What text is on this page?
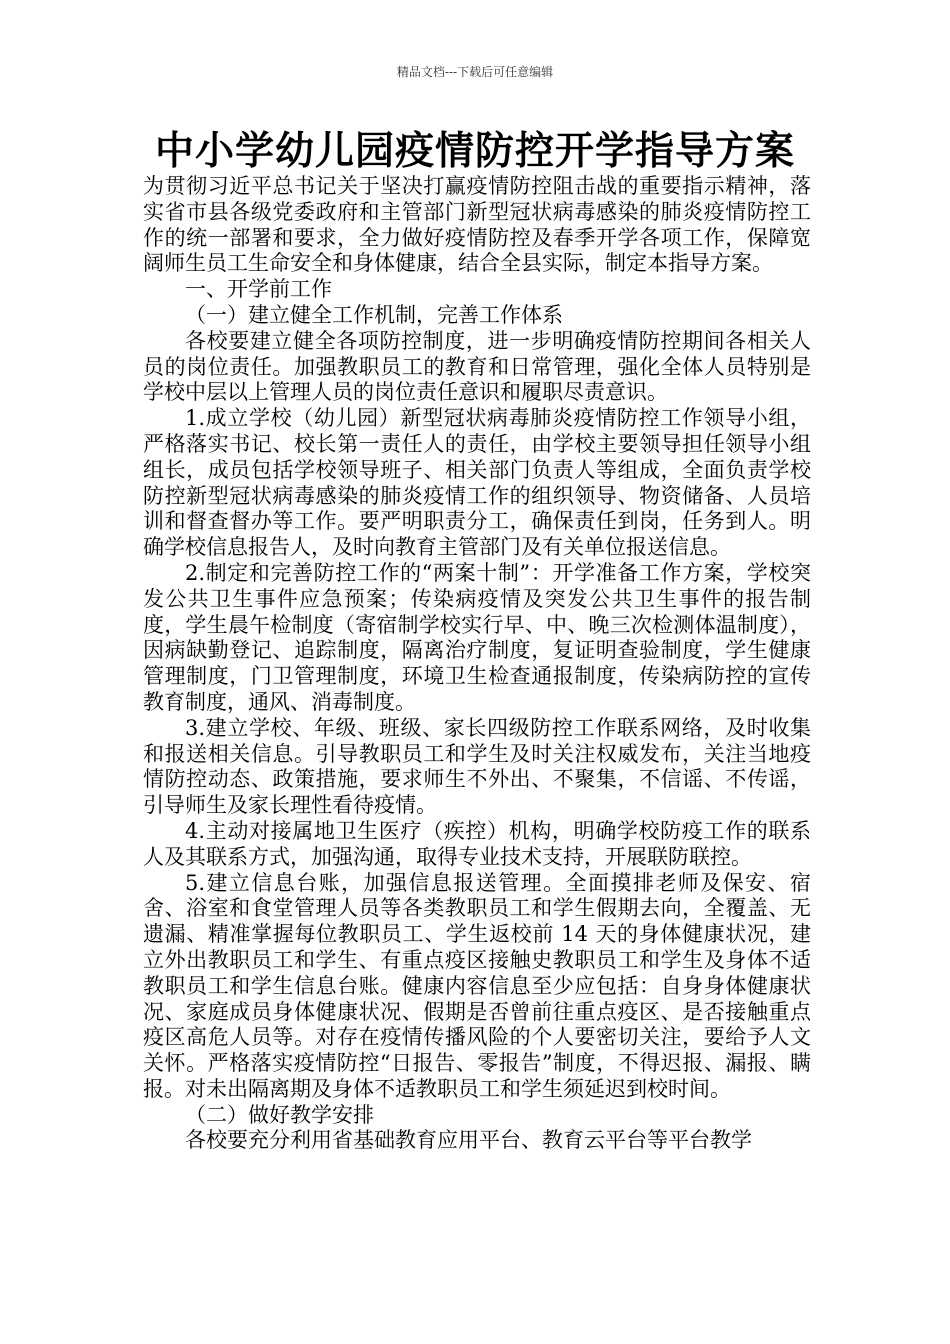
精品文档---下载后可任意编辑
中小学幼儿园疫情防控开学指导方案

为贯彻习近平总书记关于坚决打赢疫情防控阻击战的重要指示精神，落实省市县各级党委政府和主管部门新型冠状病毒感染的肺炎疫情防控工作的统一部署和要求，全力做好疫情防控及春季开学各项工作，保障宽阔师生员工生命安全和身体健康，结合全县实际，制定本指导方案。

一、开学前工作

（一）建立健全工作机制，完善工作体系

各校要建立健全各项防控制度，进一步明确疫情防控期间各相关人员的岗位责任。加强教职员工的教育和日常管理，强化全体人员特别是学校中层以上管理人员的岗位责任意识和履职尽责意识。

1.成立学校（幼儿园）新型冠状病毒肺炎疫情防控工作领导小组，严格落实书记、校长第一责任人的责任，由学校主要领导担任领导小组组长，成员包括学校领导班子、相关部门负责人等组成，全面负责学校防控新型冠状病毒感染的肺炎疫情工作的组织领导、物资储备、人员培训和督查督办等工作。要严明职责分工，确保责任到岗，任务到人。明确学校信息报告人，及时向教育主管部门及有关单位报送信息。

2.制定和完善防控工作的“两案十制”：开学准备工作方案，学校突发公共卫生事件应急预案；传染病疫情及突发公共卫生事件的报告制度，学生晨午检制度（寄宿制学校实行早、中、晚三次检测体温制度），因病缺勤登记、追踪制度，隔离治疗制度，复证明查验制度，学生健康管理制度，门卫管理制度，环境卫生检查通报制度，传染病防控的宣传教育制度，通风、消毒制度。

3.建立学校、年级、班级、家长四级防控工作联系网络，及时收集和报送相关信息。引导教职员工和学生及时关注权威发布，关注当地疫情防控动态、政策措施，要求师生不外出、不聚集，不信谣、不传谣，引导师生及家长理性看待疫情。

4.主动对接属地卫生医疗（疾控）机构，明确学校防疫工作的联系人及其联系方式，加强沟通，取得专业技术支持，开展联防联控。

5.建立信息台账，加强信息报送管理。全面摸排老师及保安、宿舍、浴室和食堂管理人员等各类教职员工和学生假期去向，全覆盖、无遗漏、精准掌握每位教职员工、学生返校前 14 天的身体健康状况，建立外出教职员工和学生、有重点疫区接触史教职员工和学生及身体不适教职员工和学生信息台账。健康内容信息至少应包括：自身身体健康状况、家庭成员身体健康状况、假期是否曾前往重点疫区、是否接触重点疫区高危人员等。对存在疫情传播风险的个人要密切关注，要给予人文关怀。严格落实疫情防控“日报告、零报告”制度，不得迟报、漏报、瞒报。对未出隔离期及身体不适教职员工和学生须延迟到校时间。

（二）做好教学安排

各校要充分利用省基础教育应用平台、教育云平台等平台教学
